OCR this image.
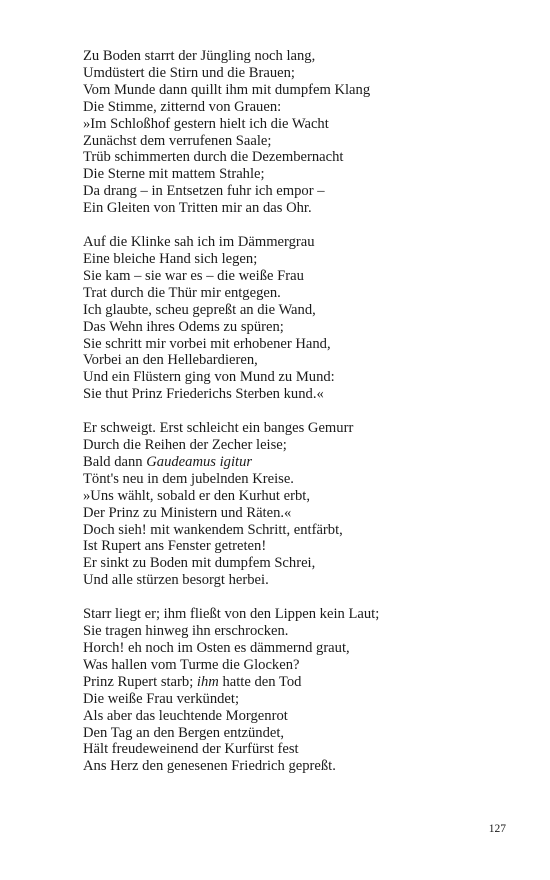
Zu Boden starrt der Jüngling noch lang,
Umdüstert die Stirn und die Brauen;
Vom Munde dann quillt ihm mit dumpfem Klang
Die Stimme, zitternd von Grauen:
»Im Schloßhof gestern hielt ich die Wacht
Zunächst dem verrufenen Saale;
Trüb schimmerten durch die Dezembernacht
Die Sterne mit mattem Strahle;
Da drang – in Entsetzen fuhr ich empor –
Ein Gleiten von Tritten mir an das Ohr.
Auf die Klinke sah ich im Dämmergrau
Eine bleiche Hand sich legen;
Sie kam – sie war es – die weiße Frau
Trat durch die Thür mir entgegen.
Ich glaubte, scheu gepreßt an die Wand,
Das Wehn ihres Odems zu spüren;
Sie schritt mir vorbei mit erhobener Hand,
Vorbei an den Hellebardieren,
Und ein Flüstern ging von Mund zu Mund:
Sie thut Prinz Friederichs Sterben kund.«
Er schweigt. Erst schleicht ein banges Gemurr
Durch die Reihen der Zecher leise;
Bald dann Gaudeamus igitur
Tönt's neu in dem jubelnden Kreise.
»Uns wählt, sobald er den Kurhut erbt,
Der Prinz zu Ministern und Räten.«
Doch sieh! mit wankendem Schritt, entfärbt,
Ist Rupert ans Fenster getreten!
Er sinkt zu Boden mit dumpfem Schrei,
Und alle stürzen besorgt herbei.
Starr liegt er; ihm fließt von den Lippen kein Laut;
Sie tragen hinweg ihn erschrocken.
Horch! eh noch im Osten es dämmernd graut,
Was hallen vom Turme die Glocken?
Prinz Rupert starb; ihm hatte den Tod
Die weiße Frau verkündet;
Als aber das leuchtende Morgenrot
Den Tag an den Bergen entzündet,
Hält freudeweinend der Kurfürst fest
Ans Herz den genesenen Friedrich gepreßt.
127
